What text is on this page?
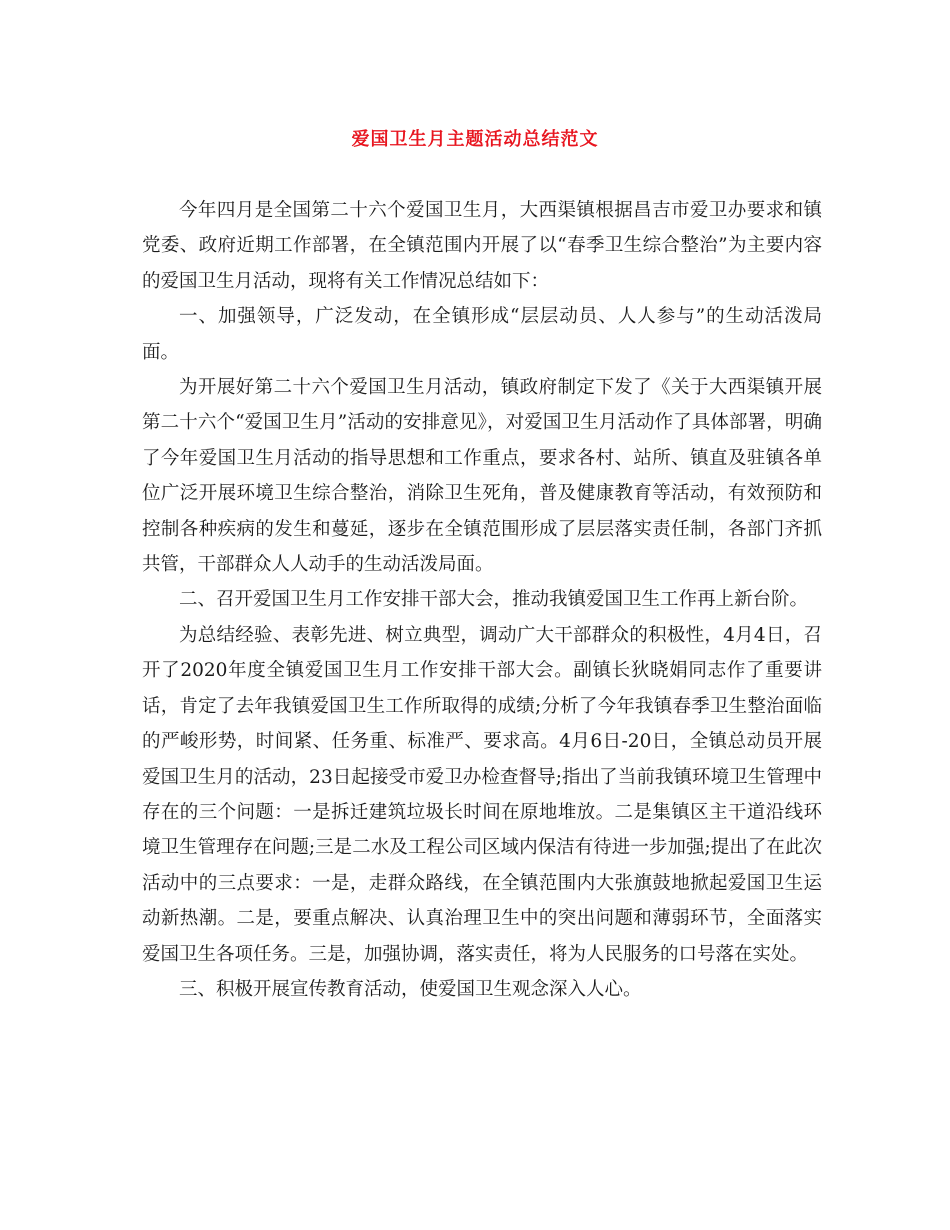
爱国卫生月主题活动总结范文

今年四月是全国第二十六个爱国卫生月，大西渠镇根据昌吉市爱卫办要求和镇党委、政府近期工作部署，在全镇范围内开展了以“春季卫生综合整治”为主要内容的爱国卫生月活动，现将有关工作情况总结如下：

一、加强领导，广泛发动，在全镇形成“层层动员、人人参与”的生动活泼局面。

为开展好第二十六个爱国卫生月活动，镇政府制定下发了《关于大西渠镇开展第二十六个“爱国卫生月”活动的安排意见》，对爱国卫生月活动作了具体部署，明确了今年爱国卫生月活动的指导思想和工作重点，要求各村、站所、镇直及驻镇各单位广泛开展环境卫生综合整治，消除卫生死角，普及健康教育等活动，有效预防和控制各种疾病的发生和蔓延，逐步在全镇范围形成了层层落实责任制，各部门齐抓共管，干部群众人人动手的生动活泼局面。

二、召开爱国卫生月工作安排干部大会，推动我镇爱国卫生工作再上新台阶。

为总结经验、表彰先进、树立典型，调动广大干部群众的积极性，4月4日，召开了2020年度全镇爱国卫生月工作安排干部大会。副镇长狄晓娟同志作了重要讲话，肯定了去年我镇爱国卫生工作所取得的成绩;分析了今年我镇春季卫生整治面临的严峻形势，时间紧、任务重、标准严、要求高。4月6日-20日，全镇总动员开展爱国卫生月的活动，23日起接受市爱卫办检查督导;指出了当前我镇环境卫生管理中存在的三个问题：一是拆迁建筑垃圾长时间在原地堆放。二是集镇区主干道沿线环境卫生管理存在问题;三是二水及工程公司区域内保洁有待进一步加强;提出了在此次活动中的三点要求：一是，走群众路线，在全镇范围内大张旗鼓地掀起爱国卫生运动新热潮。二是，要重点解决、认真治理卫生中的突出问题和薄弱环节，全面落实爱国卫生各项任务。三是，加强协调，落实责任，将为人民服务的口号落在实处。

三、积极开展宣传教育活动，使爱国卫生观念深入人心。
